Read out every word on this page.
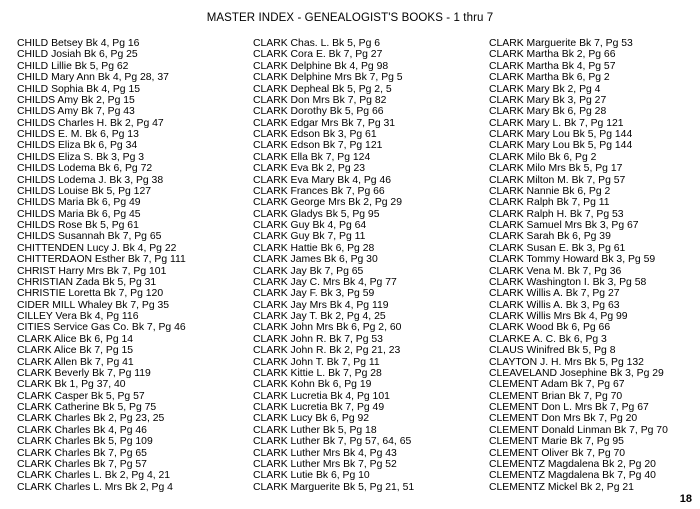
MASTER INDEX - GENEALOGIST'S BOOKS - 1 thru 7
CHILD Betsey Bk 4, Pg 16
CHILD Josiah Bk 6, Pg 25
CHILD Lillie Bk 5, Pg 62
CHILD Mary Ann Bk 4, Pg 28, 37
CHILD Sophia Bk 4, Pg 15
CHILDS Amy Bk 2, Pg 15
CHILDS Amy Bk 7, Pg 43
CHILDS Charles H. Bk 2, Pg 47
CHILDS E. M. Bk 6, Pg 13
CHILDS Eliza Bk 6, Pg 34
CHILDS Eliza S. Bk 3, Pg 3
CHILDS Lodema Bk 6, Pg 72
CHILDS Lodema J. Bk 3, Pg 38
CHILDS Louise Bk 5, Pg 127
CHILDS Maria Bk 6, Pg 49
CHILDS Maria Bk 6, Pg 45
CHILDS Rose Bk 5, Pg 61
CHILDS Susannah Bk 7, Pg 65
CHITTENDEN Lucy J. Bk 4, Pg 22
CHITTERDAON Esther Bk 7, Pg 111
CHRIST Harry Mrs Bk 7, Pg 101
CHRISTIAN Zada Bk 5, Pg 31
CHRISTIE Loretta Bk 7, Pg 120
CIDER MILL Whaley Bk 7, Pg 35
CILLEY Vera Bk 4, Pg 116
CITIES Service Gas Co. Bk 7, Pg 46
CLARK Alice Bk 6, Pg 14
CLARK Alice Bk 7, Pg 15
CLARK Allen Bk 7, Pg 41
CLARK Beverly Bk 7, Pg 119
CLARK Bk 1, Pg 37, 40
CLARK Casper Bk 5, Pg 57
CLARK Catherine Bk 5, Pg 75
CLARK Charles Bk 2, Pg 23, 25
CLARK Charles Bk 4, Pg 46
CLARK Charles Bk 5, Pg 109
CLARK Charles Bk 7, Pg 65
CLARK Charles Bk 7, Pg 57
CLARK Charles L. Bk 2, Pg 4, 21
CLARK Charles L. Mrs Bk 2, Pg 4
CLARK Chas. L. Bk 5, Pg 6
CLARK Cora E. Bk 7, Pg 27
CLARK Delphine Bk 4, Pg 98
CLARK Delphine Mrs Bk 7, Pg 5
CLARK Depheal Bk 5, Pg 2, 5
CLARK Don Mrs Bk 7, Pg 82
CLARK Dorothy Bk 5, Pg 66
CLARK Edgar Mrs Bk 7, Pg 31
CLARK Edson Bk 3, Pg 61
CLARK Edson Bk 7, Pg 121
CLARK Ella Bk 7, Pg 124
CLARK Eva Bk 2, Pg 23
CLARK Eva Mary Bk 4, Pg 46
CLARK Frances Bk 7, Pg 66
CLARK George Mrs Bk 2, Pg 29
CLARK Gladys Bk 5, Pg 95
CLARK Guy Bk 4, Pg 64
CLARK Guy Bk 7, Pg 11
CLARK Hattie Bk 6, Pg 28
CLARK James Bk 6, Pg 30
CLARK Jay Bk 7, Pg 65
CLARK Jay C. Mrs Bk 4, Pg 77
CLARK Jay F. Bk 3, Pg 59
CLARK Jay Mrs Bk 4, Pg 119
CLARK Jay T. Bk 2, Pg 4, 25
CLARK John Mrs Bk 6, Pg 2, 60
CLARK John R. Bk 7, Pg 53
CLARK John R. Bk 2, Pg 21, 23
CLARK John T. Bk 7, Pg 11
CLARK Kittie L. Bk 7, Pg 28
CLARK Kohn Bk 6, Pg 19
CLARK Lucretia Bk 4, Pg 101
CLARK Lucretia Bk 7, Pg 49
CLARK Lucy Bk 6, Pg 92
CLARK Luther Bk 5, Pg 18
CLARK Luther Bk 7, Pg 57, 64, 65
CLARK Luther Mrs Bk 4, Pg 43
CLARK Luther Mrs Bk 7, Pg 52
CLARK Lutie Bk 6, Pg 10
CLARK Marguerite Bk 5, Pg 21, 51
CLARK Marguerite Bk 7, Pg 53
CLARK Martha Bk 2, Pg 66
CLARK Martha Bk 4, Pg 57
CLARK Martha Bk 6, Pg 2
CLARK Mary Bk 2, Pg 4
CLARK Mary Bk 3, Pg 27
CLARK Mary Bk 6, Pg 28
CLARK Mary L. Bk 7, Pg 121
CLARK Mary Lou Bk 5, Pg 144
CLARK Mary Lou Bk 5, Pg 144
CLARK Milo Bk 6, Pg 2
CLARK Milo Mrs Bk 5, Pg 17
CLARK Milton M. Bk 7, Pg 57
CLARK Nannie Bk 6, Pg 2
CLARK Ralph Bk 7, Pg 11
CLARK Ralph H. Bk 7, Pg 53
CLARK Samuel Mrs Bk 3, Pg 67
CLARK Sarah Bk 6, Pg 39
CLARK Susan E. Bk 3, Pg 61
CLARK Tommy Howard Bk 3, Pg 59
CLARK Vena M. Bk 7, Pg 36
CLARK Washington I. Bk 3, Pg 58
CLARK Willis A. Bk 7, Pg 27
CLARK Willis A. Bk 3, Pg 63
CLARK Willis Mrs Bk 4, Pg 99
CLARK Wood Bk 6, Pg 66
CLARKE A. C. Bk 6, Pg 3
CLAUS Winifred Bk 5, Pg 8
CLAYTON J. H. Mrs Bk 5, Pg 132
CLEAVELAND Josephine Bk 3, Pg 29
CLEMENT Adam Bk 7, Pg 67
CLEMENT Brian Bk 7, Pg 70
CLEMENT Don L. Mrs Bk 7, Pg 67
CLEMENT Don Mrs Bk 7, Pg 20
CLEMENT Donald Linman Bk 7, Pg 70
CLEMENT Marie Bk 7, Pg 95
CLEMENT Oliver Bk 7, Pg 70
CLEMENTZ Magdalena Bk 2, Pg 20
CLEMENTZ Magdalena Bk 7, Pg 40
CLEMENTZ Mickel Bk 2, Pg 21
18
